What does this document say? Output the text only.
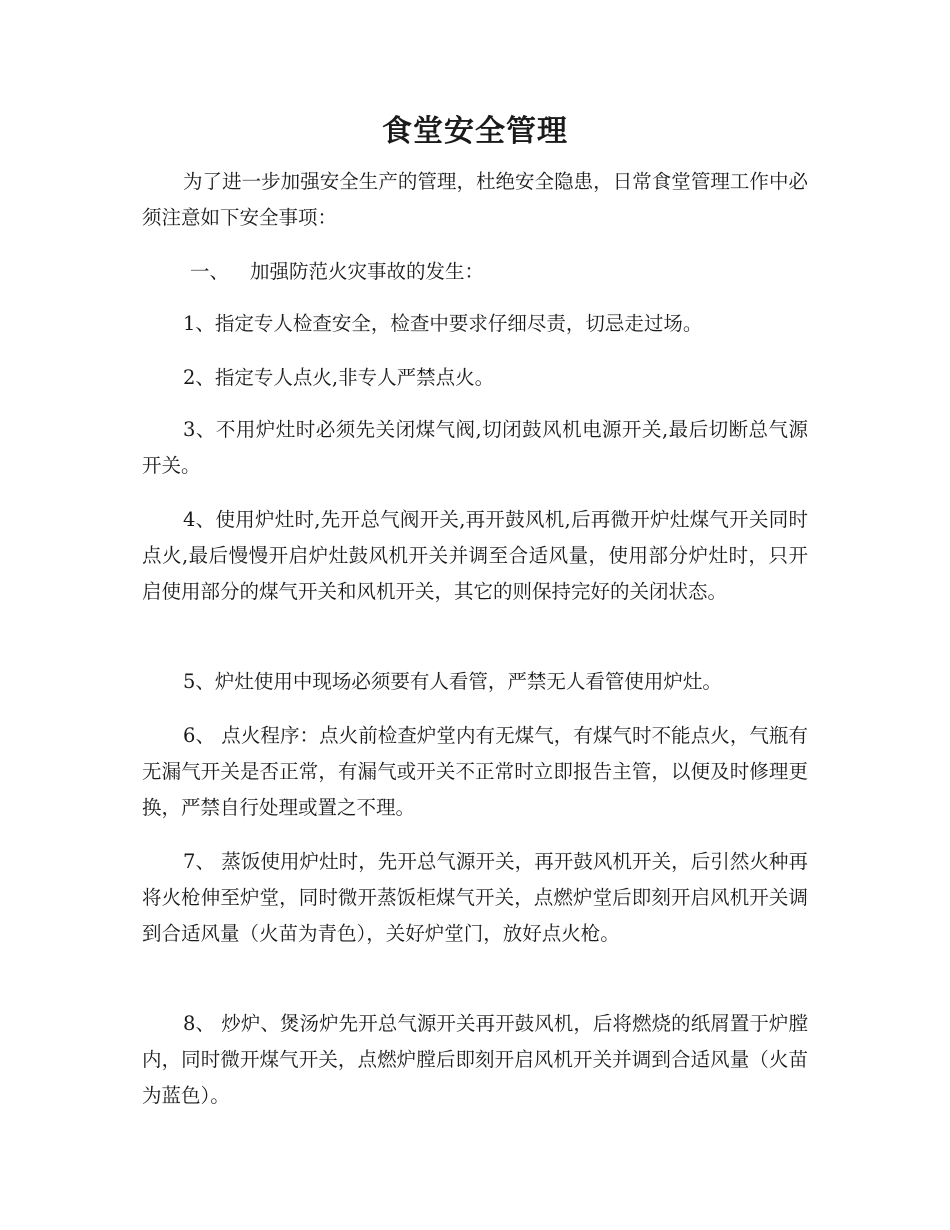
食堂安全管理

为了进一步加强安全生产的管理，杜绝安全隐患，日常食堂管理工作中必须注意如下安全事项：

一、 加强防范火灾事故的发生：

1、指定专人检查安全，检查中要求仔细尽责，切忌走过场。

2、指定专人点火,非专人严禁点火。

3、不用炉灶时必须先关闭煤气阀,切闭鼓风机电源开关,最后切断总气源开关。

4、使用炉灶时,先开总气阀开关,再开鼓风机,后再微开炉灶煤气开关同时点火,最后慢慢开启炉灶鼓风机开关并调至合适风量，使用部分炉灶时，只开启使用部分的煤气开关和风机开关，其它的则保持完好的关闭状态。

5、炉灶使用中现场必须要有人看管，严禁无人看管使用炉灶。

6、 点火程序：点火前检查炉堂内有无煤气，有煤气时不能点火，气瓶有无漏气开关是否正常，有漏气或开关不正常时立即报告主管，以便及时修理更换，严禁自行处理或置之不理。

7、 蒸饭使用炉灶时，先开总气源开关，再开鼓风机开关，后引然火种再将火枪伸至炉堂，同时微开蒸饭柜煤气开关，点燃炉堂后即刻开启风机开关调到合适风量（火苗为青色），关好炉堂门，放好点火枪。

8、 炒炉、煲汤炉先开总气源开关再开鼓风机，后将燃烧的纸屑置于炉膛内，同时微开煤气开关，点燃炉膛后即刻开启风机开关并调到合适风量（火苗为蓝色）。
